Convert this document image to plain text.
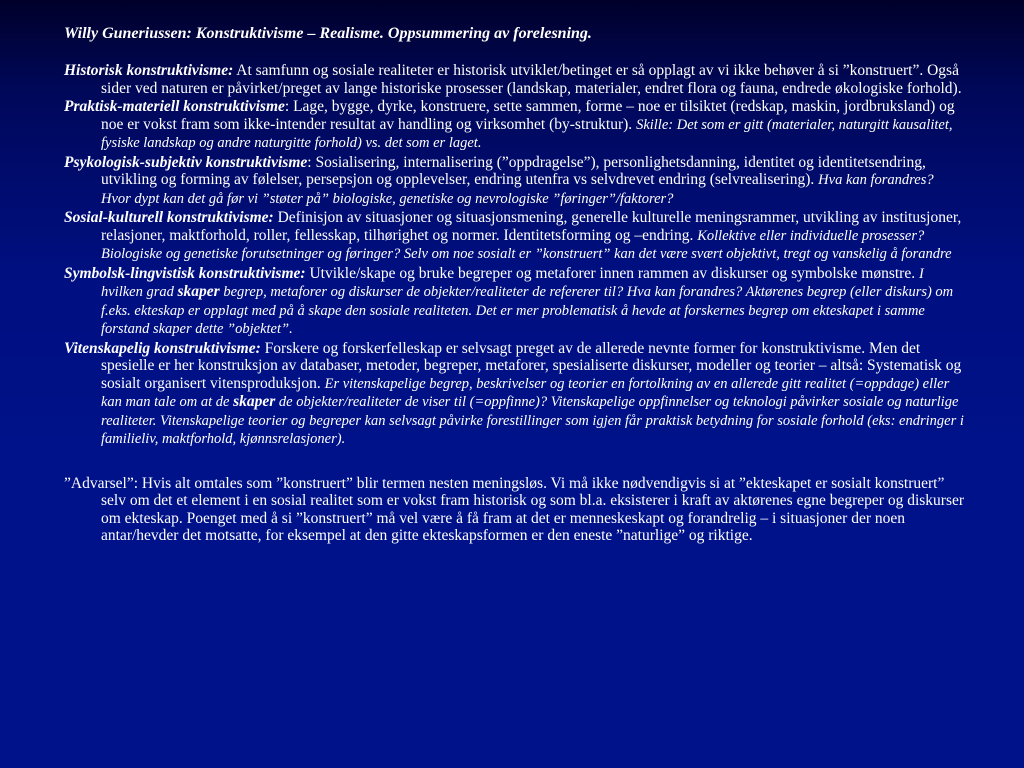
Willy Guneriussen: Konstruktivisme – Realisme. Oppsummering av forelesning.

Historisk konstruktivisme: At samfunn og sosiale realiteter er historisk utviklet/betinget er så opplagt av vi ikke behøver å si ”konstruert”. Også sider ved naturen er påvirket/preget av lange historiske prosesser (landskap, materialer, endret flora og fauna, endrede økologiske forhold).

Praktisk-materiell konstruktivisme: Lage, bygge, dyrke, konstruere, sette sammen, forme – noe er tilsiktet (redskap, maskin, jordbruksland) og noe er vokst fram som ikke-intender resultat av handling og virksomhet (by-struktur). Skille: Det som er gitt (materialer, naturgitt kausalitet, fysiske landskap og andre naturgitte forhold) vs. det som er laget.

Psykologisk-subjektiv konstruktivisme: Sosialisering, internalisering (”oppdragelse”), personlighetsdanning, identitet og identitetsendring, utvikling og forming av følelser, persepsjon og opplevelser, endring utenfra vs selvdrevet endring (selvrealisering). Hva kan forandres? Hvor dypt kan det gå før vi ”støter på” biologiske, genetiske og nevrologiske ”føringer”/faktorer?

Sosial-kulturell konstruktivisme: Definisjon av situasjoner og situasjonsmening, generelle kulturelle meningsrammer, utvikling av institusjoner, relasjoner, maktforhold, roller, fellesskap, tilhørighet og normer. Identitetsforming og –endring. Kollektive eller individuelle prosesser? Biologiske og genetiske forutsetninger og føringer? Selv om noe sosialt er ”konstruert” kan det være svært objektivt, tregt og vanskelig å forandre

Symbolsk-lingvistisk konstruktivisme: Utvikle/skape og bruke begreper og metaforer innen rammen av diskurser og symbolske mønstre. I hvilken grad skaper begrep, metaforer og diskurser de objekter/realiteter de refererer til? Hva kan forandres? Aktørenes begrep (eller diskurs) om f.eks. ekteskap er opplagt med på å skape den sosiale realiteten. Det er mer problematisk å hevde at forskernes begrep om ekteskapet i samme forstand skaper dette ”objektet”.

Vitenskapelig konstruktivisme: Forskere og forskerfelleskap er selvsagt preget av de allerede nevnte former for konstruktivisme. Men det spesielle er her konstruksjon av databaser, metoder, begreper, metaforer, spesialiserte diskurser, modeller og teorier – altså: Systematisk og sosialt organisert vitensproduksjon. Er vitenskapelige begrep, beskrivelser og teorier en fortolkning av en allerede gitt realitet (=oppdage) eller kan man tale om at de skaper de objekter/realiteter de viser til (=oppfinne)? Vitenskapelige oppfinnelser og teknologi påvirker sosiale og naturlige realiteter. Vitenskapelige teorier og begreper kan selvsagt påvirke forestillinger som igjen får praktisk betydning for sosiale forhold (eks: endringer i familieliv, maktforhold, kjønnsrelasjoner).

”Advarsel”: Hvis alt omtales som ”konstruert” blir termen nesten meningsløs. Vi må ikke nødvendigvis si at ”ekteskapet er sosialt konstruert” selv om det et element i en sosial realitet som er vokst fram historisk og som bl.a. eksisterer i kraft av aktørenes egne begreper og diskurser om ekteskap. Poenget med å si ”konstruert” må vel være å få fram at det er menneskeskapt og forandrelig – i situasjoner der noen antar/hevder det motsatte, for eksempel at den gitte ekteskapsformen er den eneste ”naturlige” og riktige.
